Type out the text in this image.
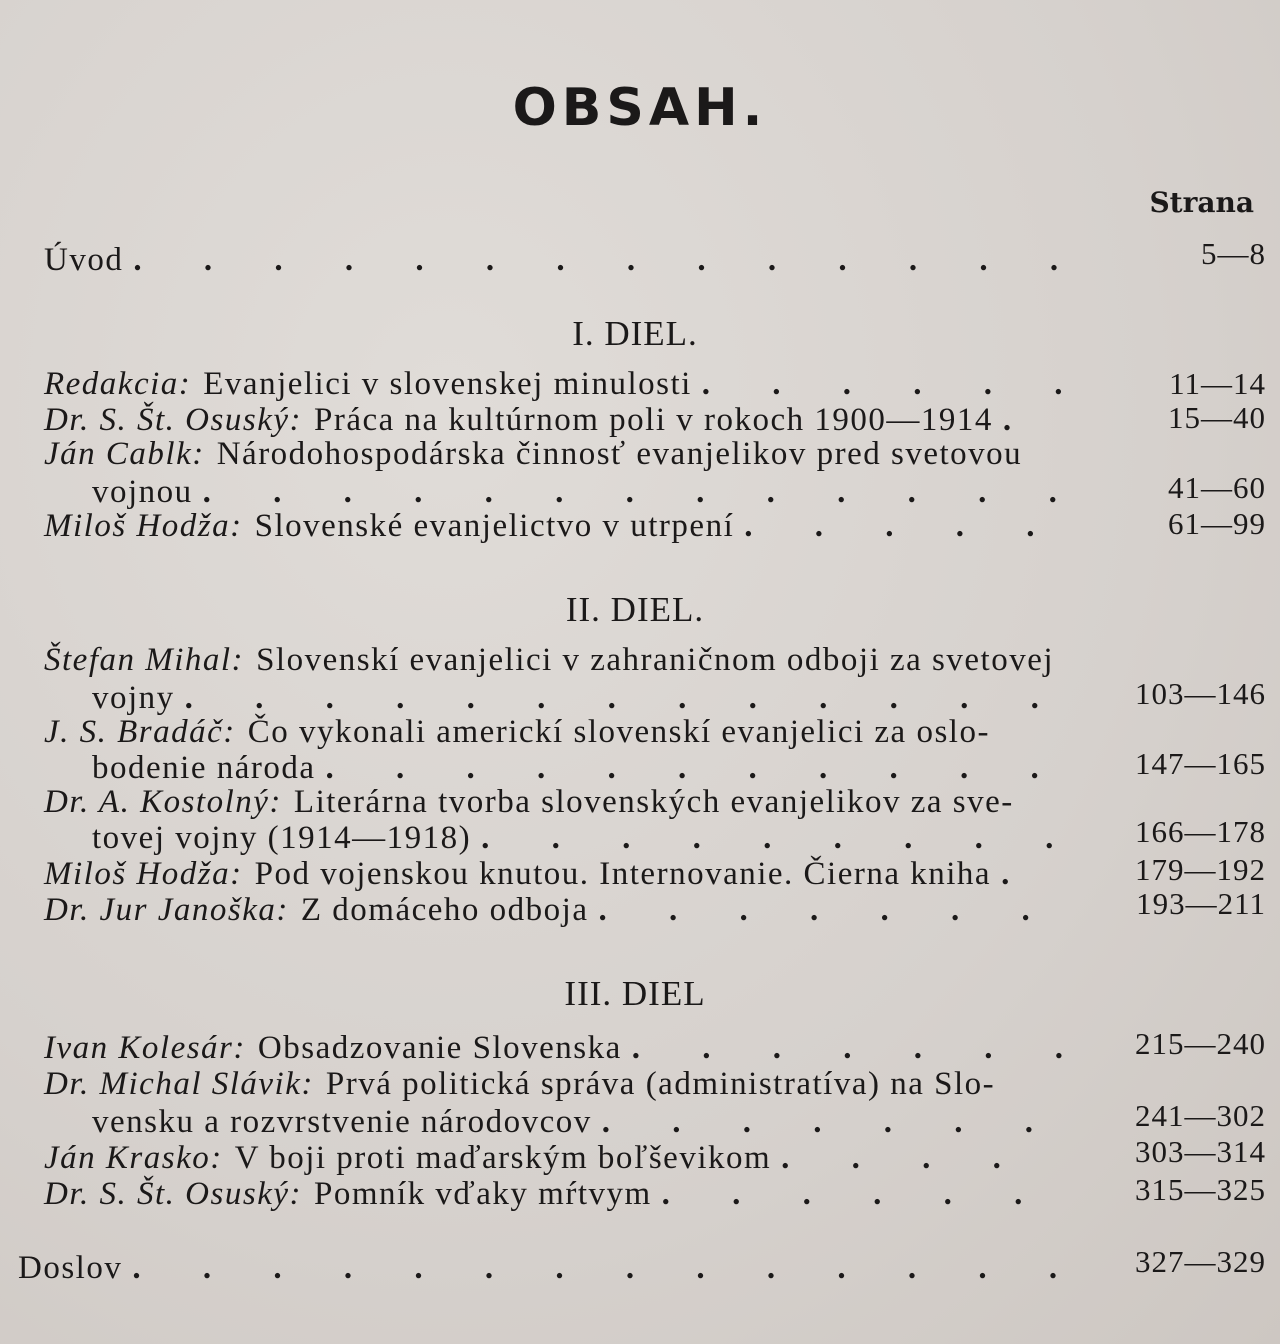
OBSAH.
Strana
Úvod . . .	5—8
I. DIEL.
Redakcia: Evanjelici v slovenskej minulosti . . .	11—14
Dr. S. Št. Osuský: Práca na kultúrnom poli v rokoch 1900—1914 . . .	15—40
Ján Cablk: Národohospodárska činnosť evanjelikov pred svetovou
vojnou . . .	41—60
Miloš Hodža: Slovenské evanjelictvo v utrpení . . .	61—99
II. DIEL.
Štefan Mihal: Slovenskí evanjelici v zahraničnom odboji za svetovej
vojny . . .	103—146
J. S. Bradáč: Čo vykonali americkí slovenskí evanjelici za oslo-
bodenie národa . . .	147—165
Dr. A. Kostolný: Literárna tvorba slovenských evanjelikov za sve-
tovej vojny (1914—1918) . . .	166—178
Miloš Hodža: Pod vojenskou knutou. Internovanie. Čierna kniha . . .	179—192
Dr. Jur Janoška: Z domáceho odboja . . .	193—211
III. DIEL
Ivan Kolesár: Obsadzovanie Slovenska . . .	215—240
Dr. Michal Slávik: Prvá politická správa (administratíva) na Slo-
vensku a rozvrstvenie národovcov . . .	241—302
Ján Krasko: V boji proti maďarským boľševikom . . .	303—314
Dr. S. Št. Osuský: Pomník vďaky mŕtvym . . .	315—325
Doslov . . .	327—329
